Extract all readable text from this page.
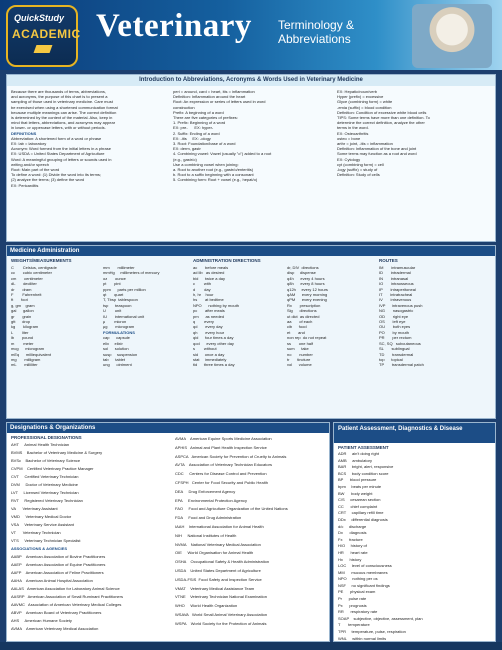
QuickStudy
ACADEMIC Veterinary Terminology & Abbreviations
Introduction to Abbreviations, Acronyms & Words Used in Veterinary Medicine
Because there are thousands of terms, abbreviations,
and acronyms, the purpose of this chart is to present a
sampling of those used in veterinary medicine. Care must
be exercised when using a shortened communication format
because multiple meanings can arise. The correct definition
is determined by the context of the material. Also, keep in
mind that letters, abbreviations, and acronyms may appear
in lower- or uppercase letters, with or without periods.
DEFINITIONS
Abbreviation: A shortened form of a word or phrase
EX: lab = laboratory
Acronym: Word formed from the initial letters in a phrase
EX: USDA = United States Department of Agriculture
Word: A meaningful grouping of letters or sounds used in
writing and/or speech
Root: Main part of the word
To define a word: (1) Divide the word into its terms;
(2) analyze the terms; (3) define the word
EX: Pericarditis
peri = around, card = heart, itis = inflammation
Definition: Inflammation around the heart
Root: An expression or series of letters used in word
construction
Prefix: A beginning of a word
There are five categories of prefixes:
1. Prefix: Beginning of a word
EX: pre-      EX: hyper-
2. Suffix: Ending of a word
EX: -itis     EX: -ology
3. Root: Foundation/base of a word
EX: derm, gastr
4. Combining vowel: Vowel (usually "o") added to a root
(e.g., gastr/o)
Use a combining vowel when joining:
a. Root to another root (e.g., gastr/o/enteritis)
b. Root to a suffix beginning with a consonant
5. Combining form: Root + vowel (e.g., hepat/o)
EX: Hepatic/noun/verb
Hyper (prefix) = excessive
Glyce (combining form) = white
-emia (suffix) = blood condition
Definition: Condition of excessive white blood cells
TIPS: Some terms have more than one definition. To
determine the correct definition, analyze the other
terms in the word.
EX: Osteoarthritis
osteo = bone
arthr = joint, -itis = inflammation
Definition: Inflammation of the bone and joint
Some terms may function as a root and word
EX: Cytology
cyt (combining form) = cell
-logy (suffix) = study of
Definition: Study of cells
Medicine Administration
WEIGHTS/MEASUREMENTS	ADMINISTRATION DIRECTIONS	ROUTES
C        Celsius, centigrade
cc       cubic centimeter
cm       centimeter
dL       deciliter
dr       dram
F        Fahrenheit
ft       foot
g, gm    gram
gal      gallon
gr       grain
gtt      drop
kg       kilogram
L        liter
lb       pound
m        meter
mcg      microgram
mEq      milliequivalent
mg       milligram
mL       milliliter
mm       millimeter
mmHg     millimeters of mercury
oz       ounce
pt       pint
ppm      parts per million
qt       quart
T, Tbsp  tablespoon
tsp      teaspoon
U        unit
IU       international unit
μ        micron
μg       microgram
FORMULATIONS
cap      capsule
elix     elixir
sol      solution
susp     suspension
tab      tablet
ung      ointment
ac       before meals
ad lib   as desired
bid      twice a day
c        with
d        day
h, hr    hour
hs       at bedtime
NPO      nothing by mouth
pc       after meals
prn      as needed
q        every
qd       every day
qh       every hour
qid      four times a day
qod      every other day
s        without
sid      once a day
stat     immediately
tid      three times a day
dr, DIV  directions
disp     dispense
q4h      every 4 hours
q8h      every 8 hours
q12h     every 12 hours
qAM      every morning
qPM      every evening
Rx       prescription
Sig      directions
ut dict  as directed
aa       of each
cib      food
et       and
non rep  do not repeat
ss       one half
sum      take
no       number
tr       tincture
vol      volume
IM       intramuscular
ID       intradermal
IN       intranasal
IO       intraosseous
IP       intraperitoneal
IT       intratracheal
IV       intravenous
IVP      intravenous push
NG       nasogastric
OD       right eye
OS       left eye
OU       both eyes
PO       by mouth
PR       per rectum
SC, SQ   subcutaneous
SL       sublingual
TD       transdermal
top      topical
TP       transdermal patch
Designations & Organizations
PROFESSIONAL DESIGNATIONS
AHT     Animal Health Technician
BVMS    Bachelor of Veterinary Medicine & Surgery
BVSc    Bachelor of Veterinary Science
CVPM    Certified Veterinary Practice Manager
CVT     Certified Veterinary Technician
DVM     Doctor of Veterinary Medicine
LVT     Licensed Veterinary Technician
RVT     Registered Veterinary Technician
VA      Veterinary Assistant
VMD     Veterinary Medical Doctor
VSA     Veterinary Service Assistant
VT      Veterinary Technician
VTS     Veterinary Technician Specialist
ASSOCIATIONS & AGENCIES
AABP    American Association of Bovine Practitioners
AAEP    American Association of Equine Practitioners
AAFP    American Association of Feline Practitioners
AAHA    American Animal Hospital Association
AALAS   American Association for Laboratory Animal Science
AASRP   American Association of Small Ruminant Practitioners
AAVMC   Association of American Veterinary Medical Colleges
ABVP    American Board of Veterinary Practitioners
AHS     American Humane Society
AVMA    American Veterinary Medical Association
AVMA    American Equine Sports Medicine Association
APHIS   Animal and Plant Health Inspection Service
ASPCA   American Society for Prevention of Cruelty to Animals
AVTA    Association of Veterinary Technician Educators
CDC     Centers for Disease Control and Prevention
CFSPH   Center for Food Security and Public Health
DEA     Drug Enforcement Agency
EPA     Environmental Protection Agency
FAO     Food and Agriculture Organization of the United Nations
FDA     Food and Drug Administration
IAAH    International Association for Animal Health
NIH     National Institutes of Health
NVMA    National Veterinary Medical Association
OIE     World Organisation for Animal Health
OSHA    Occupational Safety & Health Administration
USDA    United States Department of Agriculture
USDA-FSIS  Food Safety and Inspection Service
VMAT    Veterinary Medical Assistance Team
VTNE    Veterinary Technician National Examination
WHO     World Health Organization
WSAVA   World Small Animal Veterinary Association
WSPA    World Society for the Protection of Animals
Patient Assessment, Diagnostics & Disease
PATIENT ASSESSMENT
ADR     ain't doing right
AMB     ambulatory
BAR     bright, alert, responsive
BCS     body condition score
BP      blood pressure
bpm     beats per minute
BW      body weight
C/S     cesarean section
CC      chief complaint
CRT     capillary refill time
DDx     differential diagnosis
d/c     discharge
Dx      diagnosis
Fx      fracture
H/O     history of
HR      heart rate
Hx      history
LOC     level of consciousness
MM      mucous membranes
NPO     nothing per os
NSF     no significant findings
PE      physical exam
Pr      pulse rate
Px      prognosis
RR      respiratory rate
SOAP    subjective, objective, assessment, plan
T       temperature
TPR     temperature, pulse, respiration
WNL     within normal limits
